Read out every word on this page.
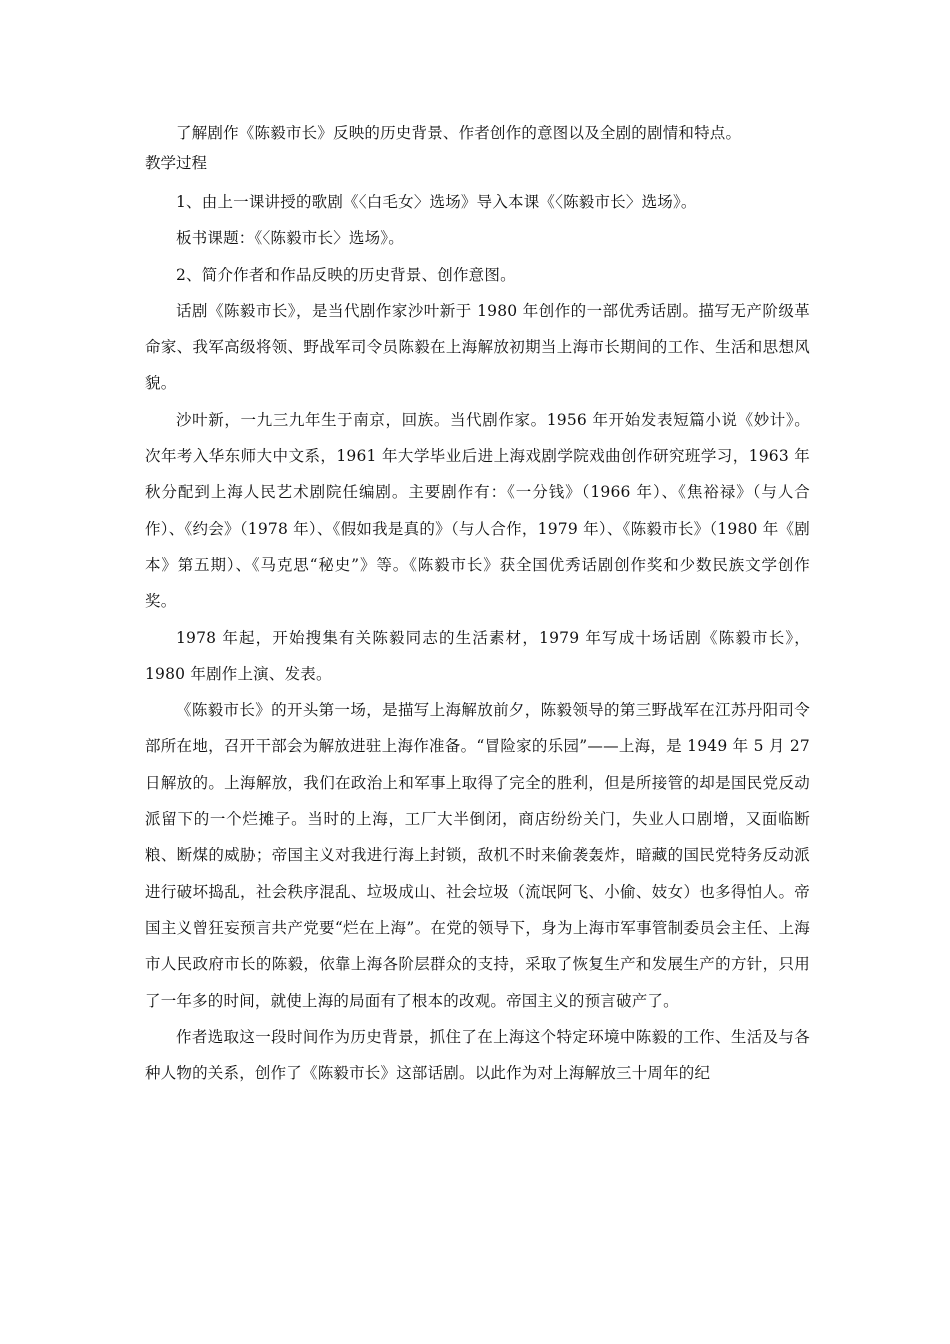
了解剧作《陈毅市长》反映的历史背景、作者创作的意图以及全剧的剧情和特点。

教学过程

1、由上一课讲授的歌剧《〈白毛女〉选场》导入本课《〈陈毅市长〉选场》。

板书课题：《〈陈毅市长〉选场》。

2、简介作者和作品反映的历史背景、创作意图。

话剧《陈毅市长》，是当代剧作家沙叶新于 1980 年创作的一部优秀话剧。描写无产阶级革命家、我军高级将领、野战军司令员陈毅在上海解放初期当上海市长期间的工作、生活和思想风貌。

沙叶新，一九三九年生于南京，回族。当代剧作家。1956 年开始发表短篇小说《妙计》。次年考入华东师大中文系，1961 年大学毕业后进上海戏剧学院戏曲创作研究班学习，1963 年秋分配到上海人民艺术剧院任编剧。主要剧作有：《一分钱》（1966 年）、《焦裕禄》（与人合作）、《约会》（1978 年）、《假如我是真的》（与人合作，1979 年）、《陈毅市长》（1980 年《剧本》第五期）、《马克思“秘史”》等。《陈毅市长》获全国优秀话剧创作奖和少数民族文学创作奖。

1978 年起，开始搜集有关陈毅同志的生活素材，1979 年写成十场话剧《陈毅市长》，1980 年剧作上演、发表。

《陈毅市长》的开头第一场，是描写上海解放前夕，陈毅领导的第三野战军在江苏丹阳司令部所在地，召开干部会为解放进驻上海作准备。“冒险家的乐园”——上海，是 1949 年 5 月 27 日解放的。上海解放，我们在政治上和军事上取得了完全的胜利，但是所接管的却是国民党反动派留下的一个烂摊子。当时的上海，工厂大半倒闭，商店纷纷关门，失业人口剧增，又面临断粮、断煤的威胁；帝国主义对我进行海上封锁，敌机不时来偷袭轰炸，暗藏的国民党特务反动派进行破坏捣乱，社会秩序混乱、垃圾成山、社会垃圾（流氓阿飞、小偷、妓女）也多得怕人。帝国主义曾狂妄预言共产党要“烂在上海”。在党的领导下，身为上海市军事管制委员会主任、上海市人民政府市长的陈毅，依靠上海各阶层群众的支持，采取了恢复生产和发展生产的方针，只用了一年多的时间，就使上海的局面有了根本的改观。帝国主义的预言破产了。

作者选取这一段时间作为历史背景，抓住了在上海这个特定环境中陈毅的工作、生活及与各种人物的关系，创作了《陈毅市长》这部话剧。以此作为对上海解放三十周年的纪
